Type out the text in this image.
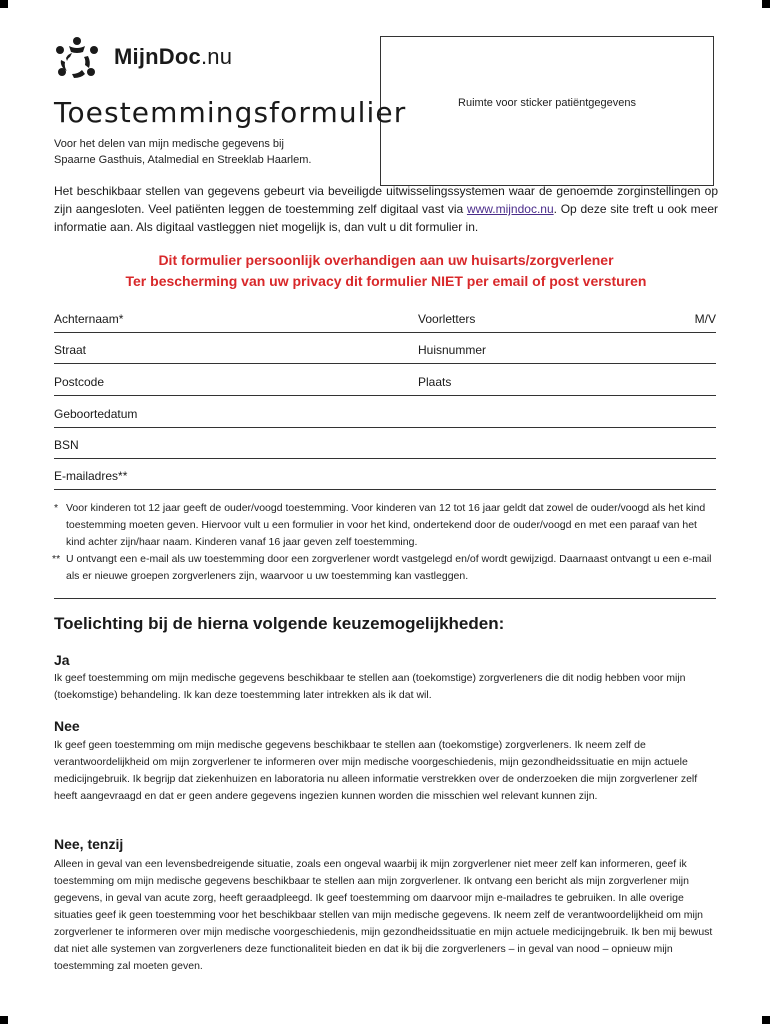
MijnDoc.nu
Ruimte voor sticker patiëntgegevens
Toestemmingsformulier
Voor het delen van mijn medische gegevens bij
Spaarne Gasthuis, Atalmedial en Streeklab Haarlem.
Het beschikbaar stellen van gegevens gebeurt via beveiligde uitwisselingssystemen waar de genoemde zorginstellingen op zijn aangesloten. Veel patiënten leggen de toestemming zelf digitaal vast via www.mijndoc.nu. Op deze site treft u ook meer informatie aan. Als digitaal vastleggen niet mogelijk is, dan vult u dit formulier in.
Dit formulier persoonlijk overhandigen aan uw huisarts/zorgverlener
Ter bescherming van uw privacy dit formulier NIET per email of post versturen
Achternaam*	Voorletters	M/V
Straat	Huisnummer
Postcode	Plaats
Geboortedatum
BSN
E-mailadres**
* Voor kinderen tot 12 jaar geeft de ouder/voogd toestemming. Voor kinderen van 12 tot 16 jaar geldt dat zowel de ouder/voogd als het kind toestemming moeten geven. Hiervoor vult u een formulier in voor het kind, ondertekend door de ouder/voogd en met een paraaf van het kind achter zijn/haar naam. Kinderen vanaf 16 jaar geven zelf toestemming.
** U ontvangt een e-mail als uw toestemming door een zorgverlener wordt vastgelegd en/of wordt gewijzigd. Daarnaast ontvangt u een e-mail als er nieuwe groepen zorgverleners zijn, waarvoor u uw toestemming kan vastleggen.
Toelichting bij de hierna volgende keuzemogelijkheden:
Ja
Ik geef toestemming om mijn medische gegevens beschikbaar te stellen aan (toekomstige) zorgverleners die dit nodig hebben voor mijn (toekomstige) behandeling. Ik kan deze toestemming later intrekken als ik dat wil.
Nee
Ik geef geen toestemming om mijn medische gegevens beschikbaar te stellen aan (toekomstige) zorgverleners. Ik neem zelf de verantwoordelijkheid om mijn zorgverlener te informeren over mijn medische voorgeschiedenis, mijn gezondheidssituatie en mijn actuele medicijngebruik. Ik begrijp dat ziekenhuizen en laboratoria nu alleen informatie verstrekken over de onderzoeken die mijn zorgverlener zelf heeft aangevraagd en dat er geen andere gegevens ingezien kunnen worden die misschien wel relevant kunnen zijn.
Nee, tenzij
Alleen in geval van een levensbedreigende situatie, zoals een ongeval waarbij ik mijn zorgverlener niet meer zelf kan informeren, geef ik toestemming om mijn medische gegevens beschikbaar te stellen aan mijn zorgverlener. Ik ontvang een bericht als mijn zorgverlener mijn gegevens, in geval van acute zorg, heeft geraadpleegd. Ik geef toestemming om daarvoor mijn e-mailadres te gebruiken. In alle overige situaties geef ik geen toestemming voor het beschikbaar stellen van mijn medische gegevens. Ik neem zelf de verantwoordelijkheid om mijn zorgverlener te informeren over mijn medische voorgeschiedenis, mijn gezondheidssituatie en mijn actuele medicijngebruik. Ik ben mij bewust dat niet alle systemen van zorgverleners deze functionaliteit bieden en dat ik bij die zorgverleners – in geval van nood – opnieuw mijn toestemming zal moeten geven.
